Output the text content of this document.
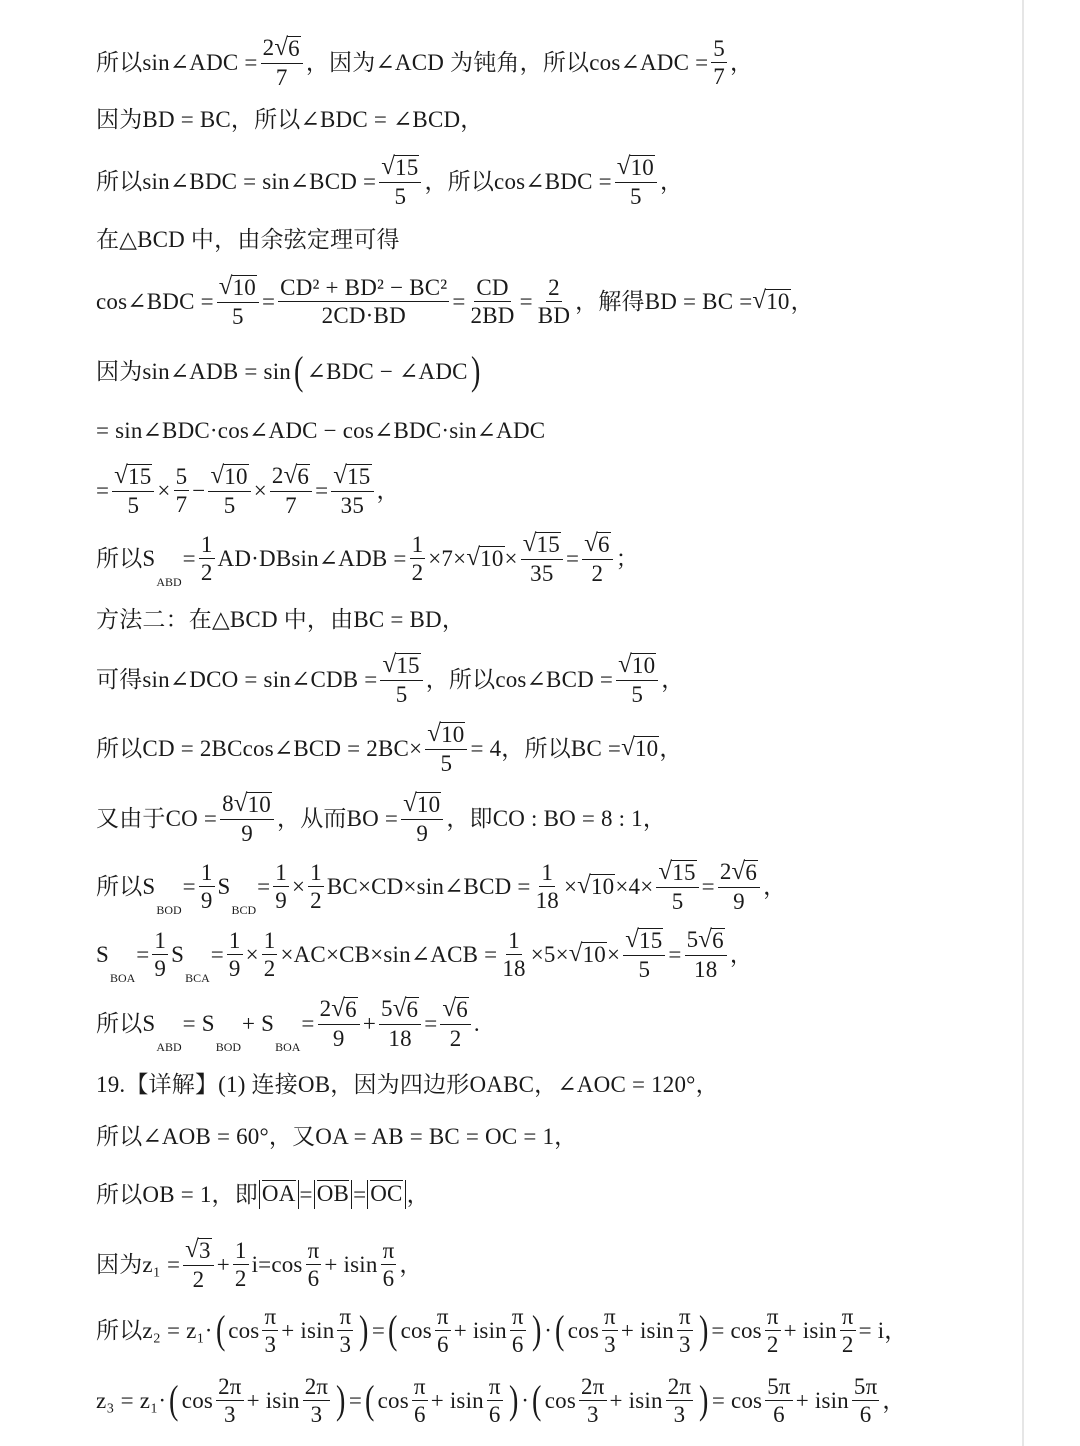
所以sin∠ADC = $\frac{2 √ 6}{7}$ ，因为∠ACD 为钝角，所以cos∠ADC = $\frac{5}{7}$ ，
因为BD = BC，所以∠BDC = ∠BCD，
所以sin∠BDC = sin∠BCD = $\frac{√ 15}{5}$ ，所以cos∠BDC = $\frac{√ 10}{5}$ ，
在△BCD 中，由余弦定理可得
cos∠BDC = $\frac{√ 10}{5} = \frac{\text{CD² + BD² − BC²}}{2CD\cdot BD} = \frac{CD}{2BD} = \frac{2}{BD}$ ，解得BD = BC = √ 10 ，
因为sin∠ADB = sin ( ∠BDC − ∠ADC )
= sin∠BDC·cos∠ADC − cos∠BDC·sin∠ADC
= $\frac{√ 15}{5} \times \frac{5}{7} - \frac{√ 10}{5} \times \frac{2 √ 6}{7} = \frac{√ 15}{35}$ ，
所以S
ABD
= $\frac{1}{2}$ AD·DBsin∠ADB = $\frac{1}{2} \times 7\times$ √ $10 \times \frac{√ 15}{35} = \frac{√ 6}{2}$ ；
方法二：在△BCD 中，由BC = BD，
可得sin∠DCO = sin∠CDB = $\frac{√ 15}{5}$ ，所以cos∠BCD = $\frac{√ 10}{5}$ ，
所以CD = 2BCcos∠BCD = $2BC\times \frac{√ 10}{5} = 4$，所以BC = √ 10 ，
又由于CO = $\frac{8 √ 10}{9}$ ，从而BO = $\frac{√ 10}{9}$ ，即CO : BO = 8 : 1，
所以S
BOD
= $\frac{1}{9}$ S
BCD
= $\frac{1}{9} \times \frac{1}{2}$ BC×CD×sin∠BCD = $\frac{1}{18}$ × √ $10 \times 4\times \frac{√ 15}{5} = \frac{2 √ 6}{9}$ ，
S
BOA
= $\frac{1}{9}$ S
BCA
= $\frac{1}{9} \times \frac{1}{2}$ ×AC×CB×sin∠ACB = $\frac{1}{18} \times 5\times$ √ $10 \times \frac{√ 15}{5} = \frac{5 √ 6}{18}$ ，
所以S
ABD
= S
BOD
+ S
BOA
= $\frac{2 √ 6}{9} + \frac{5 √ 6}{18} = \frac{√ 6}{2}$ .
19.【详解】(1) 连接OB，因为四边形OABC，∠AOC = 120°，
所以∠AOB = 60°，又OA = AB = BC = OC = 1，
所以OB = 1，即 OA = OB = OC ，
因为$z_1 = \frac{√ 3}{2} + \frac{1}{2} i=\cos \frac{\pi}{6} + isin \frac{\pi}{6}$ ，
所以z₂ = z₁· ( $\cos \frac{\pi}{3} + isin \frac{\pi}{3}$ ) = ( $\cos \frac{\pi}{6} + isin \frac{\pi}{6}$ ) · ( $\cos \frac{\pi}{3} + isin \frac{\pi}{3}$ ) = $\cos \frac{\pi}{2} + isin \frac{\pi}{2} = i$，
z₃ = z₁· ( $\cos \frac{2\pi}{3} + isin \frac{2\pi}{3}$ ) = ( $\cos \frac{\pi}{6} + isin \frac{\pi}{6}$ ) · ( $\cos \frac{2\pi}{3} + isin \frac{2\pi}{3}$ ) = $\cos \frac{5\pi}{6} + isin \frac{5\pi}{6}$ ，
